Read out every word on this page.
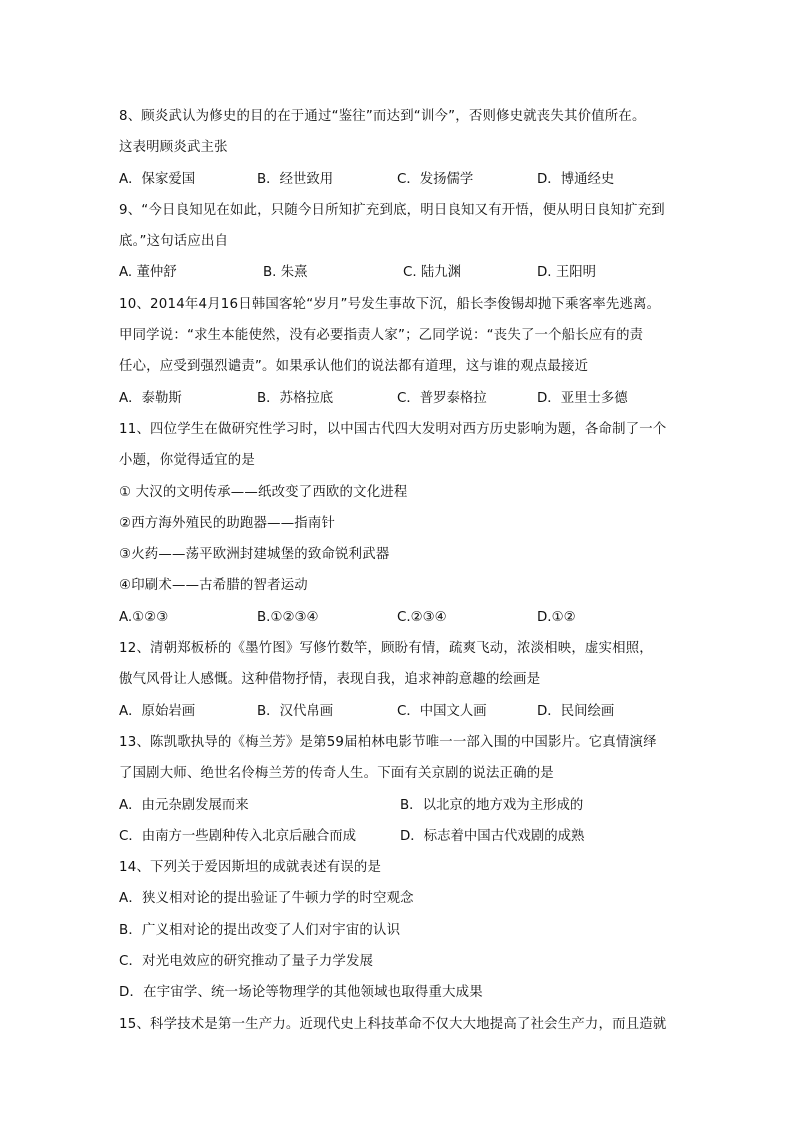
8、顾炎武认为修史的目的在于通过“鉴往”而达到“训今”，否则修史就丧失其价值所在。
这表明顾炎武主张
A．保家爱国	B．经世致用	C．发扬儒学	D．博通经史
9、“今日良知见在如此，只随今日所知扩充到底，明日良知又有开悟，便从明日良知扩充到
底。”这句话应出自
A. 董仲舒	B. 朱熹	C. 陆九渊	D. 王阳明
10、2014年4月16日韩国客轮“岁月”号发生事故下沉，船长李俊锡却抛下乘客率先逃离。
甲同学说：“求生本能使然，没有必要指责人家”；乙同学说：“丧失了一个船长应有的责
任心，应受到强烈谴责”。如果承认他们的说法都有道理，这与谁的观点最接近
A．泰勒斯	B．苏格拉底	C．普罗泰格拉	D．亚里士多德
11、四位学生在做研究性学习时，以中国古代四大发明对西方历史影响为题，各命制了一个
小题，你觉得适宜的是
① 大汉的文明传承——纸改变了西欧的文化进程
②西方海外殖民的助跑器——指南针
③火药——荡平欧洲封建城堡的致命锐利武器
④印刷术——古希腊的智者运动
A.①②③	B.①②③④	C.②③④	D.①②
12、清朝郑板桥的《墨竹图》写修竹数竿，顾盼有情，疏爽飞动，浓淡相映，虚实相照，
傲气风骨让人感慨。这种借物抒情，表现自我，追求神韵意趣的绘画是
A．原始岩画	B．汉代帛画	C．中国文人画	D．民间绘画
13、陈凯歌执导的《梅兰芳》是第59届柏林电影节唯一一部入围的中国影片。它真情演绎
了国剧大师、绝世名伶梅兰芳的传奇人生。下面有关京剧的说法正确的是
A．由元杂剧发展而来	B．以北京的地方戏为主形成的
C．由南方一些剧种传入北京后融合而成	D．标志着中国古代戏剧的成熟
14、下列关于爱因斯坦的成就表述有误的是
A．狭义相对论的提出验证了牛顿力学的时空观念
B．广义相对论的提出改变了人们对宇宙的认识
C．对光电效应的研究推动了量子力学发展
D．在宇宙学、统一场论等物理学的其他领域也取得重大成果
15、科学技术是第一生产力。近现代史上科技革命不仅大大地提高了社会生产力，而且造就
